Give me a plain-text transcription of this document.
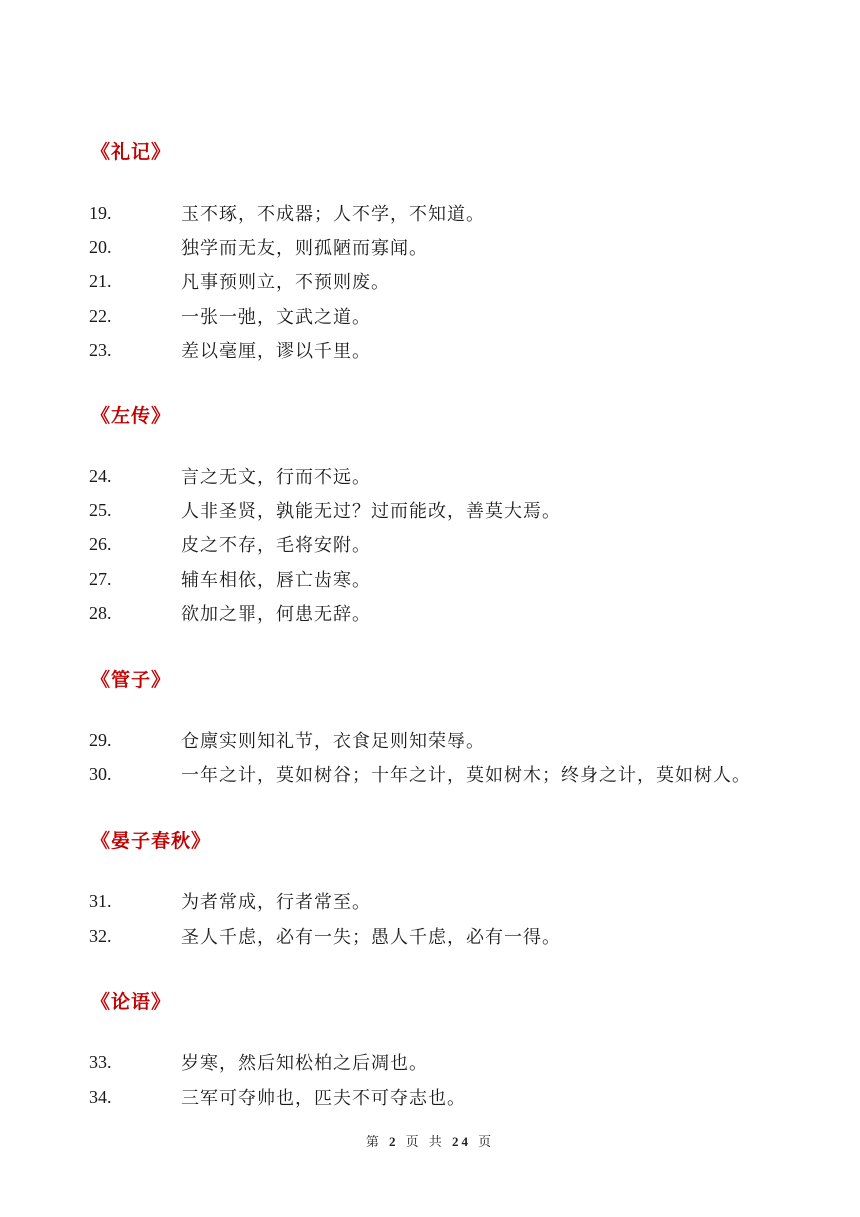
《礼记》
19.	玉不琢，不成器；人不学，不知道。
20.	独学而无友，则孤陋而寡闻。
21.	凡事预则立，不预则废。
22.	一张一弛，文武之道。
23.	差以毫厘，谬以千里。
《左传》
24.	言之无文，行而不远。
25.	人非圣贤，孰能无过？过而能改，善莫大焉。
26.	皮之不存，毛将安附。
27.	辅车相依，唇亡齿寒。
28.	欲加之罪，何患无辞。
《管子》
29.	仓廪实则知礼节，衣食足则知荣辱。
30.	一年之计，莫如树谷；十年之计，莫如树木；终身之计，莫如树人。
《晏子春秋》
31.	为者常成，行者常至。
32.	圣人千虑，必有一失；愚人千虑，必有一得。
《论语》
33.	岁寒，然后知松柏之后凋也。
34.	三军可夺帅也，匹夫不可夺志也。
第 2 页 共 24 页
